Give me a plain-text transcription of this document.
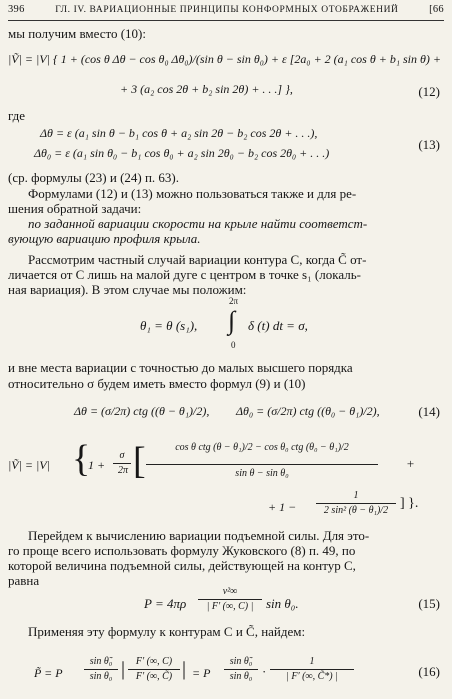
396	ГЛ. IV. ВАРИАЦИОННЫЕ ПРИНЦИПЫ КОНФОРМНЫХ ОТОБРАЖЕНИЙ	[66
мы получим вместо (10):
|Ṽ| = |V| { 1 + (cos θ Δθ − cos θ₀ Δθ₀)/(sin θ − sin θ₀) + ε [2a₀ + 2 (a₁ cos θ + b₁ sin θ) +
+ 3 (a₂ cos 2θ + b₂ sin 2θ) + . . .] },	(12)
где
Δθ = ε (a₁ sin θ − b₁ cos θ + a₂ sin 2θ − b₂ cos 2θ + . . .),
Δθ₀ = ε (a₁ sin θ₀ − b₁ cos θ₀ + a₂ sin 2θ₀ − b₂ cos 2θ₀ + . . .)
(13)
(ср. формулы (23) и (24) п. 63).
Формулами (12) и (13) можно пользоваться также и для ре-
шения обратной задачи:
по заданной вариации скорости на крыле найти соответст-
вующую вариацию профиля крыла.
Рассмотрим частный случай вариации контура C, когда C̃ от-
личается от C лишь на малой дуге с центром в точке s₁ (локаль-
ная вариация). В этом случае мы положим:
θ₁ = θ (s₁),
2π
∫
0
δ (t) dt = σ,
и вне места вариации с точностью до малых высшего порядка
относительно σ будем иметь вместо формул (9) и (10)
Δθ = (σ/2π) ctg ((θ − θ₁)/2),	Δθ₀ = (σ/2π) ctg ((θ₀ − θ₁)/2),	(14)
|Ṽ| = |V| {
1 +
σ
2π [	cos θ ctg (θ − θ₁)/2 − cos θ₀ ctg (θ₀ − θ₁)/2
sin θ − sin θ₀
+
+ 1 −
1
2 sin² (θ − θ₁)/2 ] }.
Перейдем к вычислению вариации подъемной силы. Для это-
го проще всего использовать формулу Жуковского (8) п. 49, по
которой величина подъемной силы, действующей на контур C,
равна
P = 4πρ
v²∞
| F′ (∞, C) | sin θ₀.	(15)
Применяя эту формулу к контурам C и C̃, найдем:
P̃ = P
sin θ̃₀
sin θ₀ |	F′ (∞, C)
F′ (∞, C̃) | = P
sin θ̃₀
sin θ₀ ·
1
| F′ (∞, C̃*) |	(16)
